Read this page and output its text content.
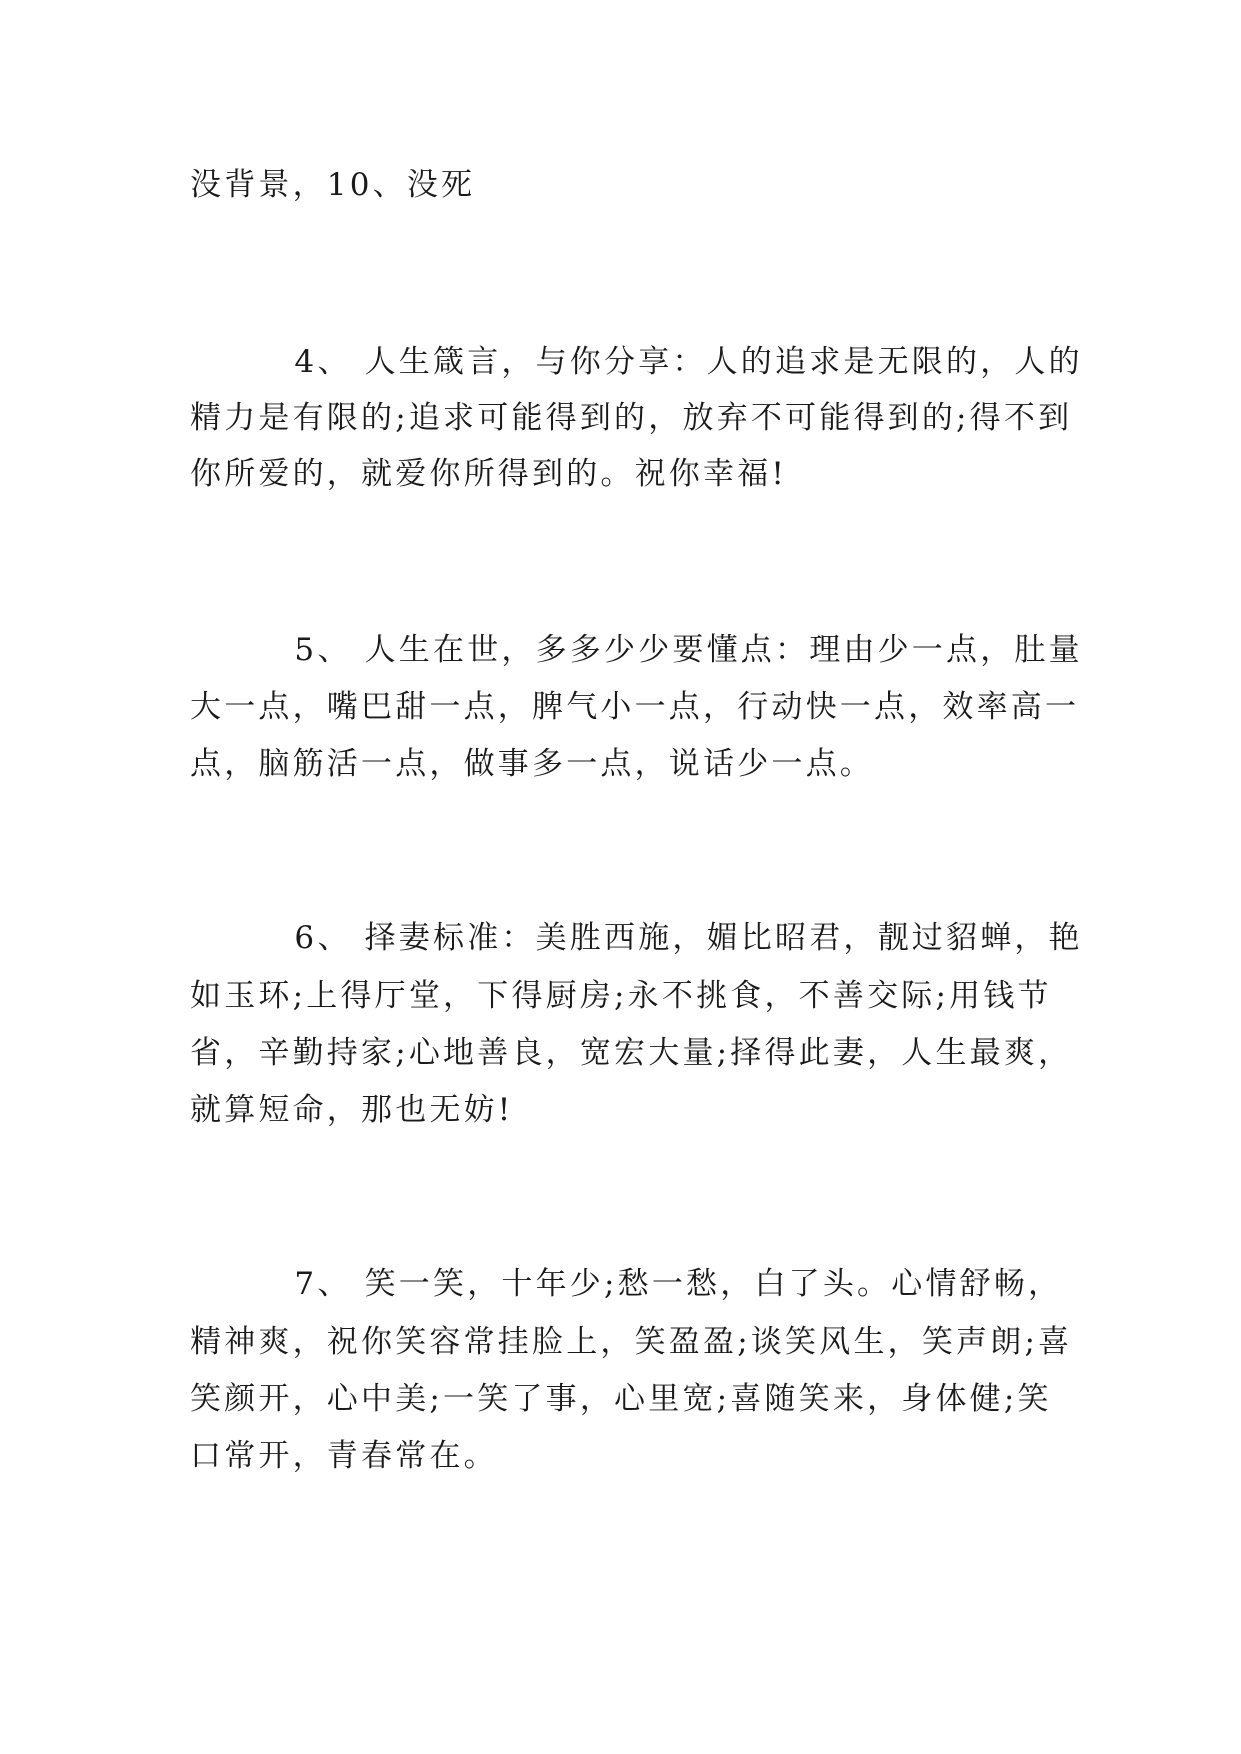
没背景，10、没死

4、 人生箴言，与你分享：人的追求是无限的，人的

精力是有限的;追求可能得到的，放弃不可能得到的;得不到

你所爱的，就爱你所得到的。祝你幸福!

5、 人生在世，多多少少要懂点：理由少一点，肚量

大一点，嘴巴甜一点，脾气小一点，行动快一点，效率高一

点，脑筋活一点，做事多一点，说话少一点。

6、 择妻标准：美胜西施，媚比昭君，靓过貂蝉，艳

如玉环;上得厅堂，下得厨房;永不挑食，不善交际;用钱节

省，辛勤持家;心地善良，宽宏大量;择得此妻，人生最爽，

就算短命，那也无妨!

7、 笑一笑，十年少;愁一愁，白了头。心情舒畅，

精神爽，祝你笑容常挂脸上，笑盈盈;谈笑风生，笑声朗;喜

笑颜开，心中美;一笑了事，心里宽;喜随笑来，身体健;笑

口常开，青春常在。
